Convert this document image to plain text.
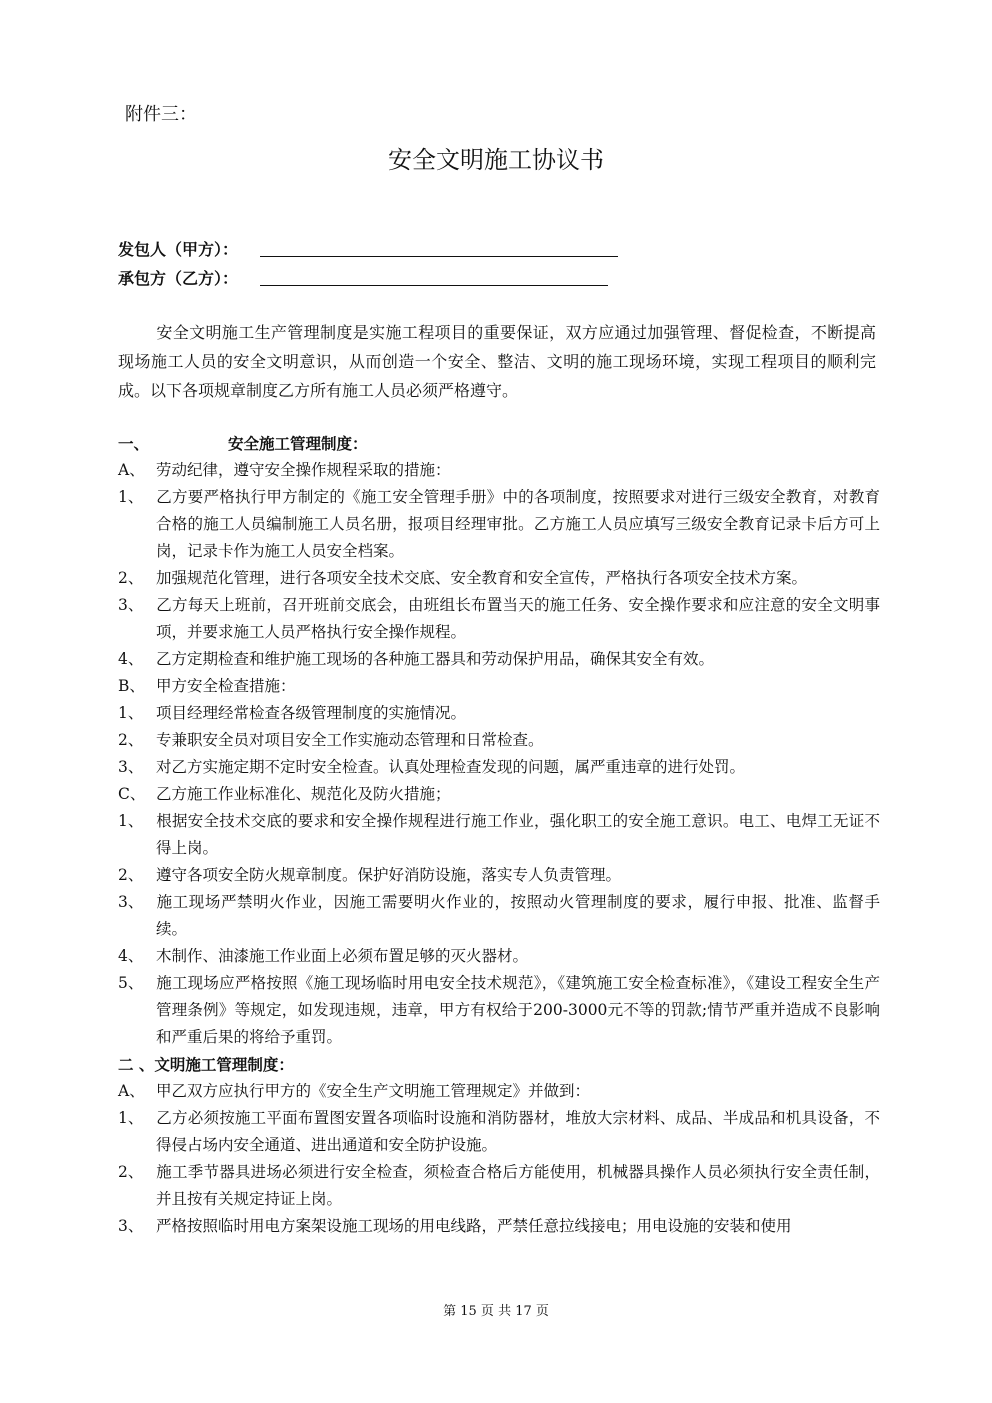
附件三：
安全文明施工协议书
发包人（甲方）：
承包方（乙方）：
安全文明施工生产管理制度是实施工程项目的重要保证，双方应通过加强管理、督促检查，不断提高现场施工人员的安全文明意识，从而创造一个安全、整洁、文明的施工现场环境，实现工程项目的顺利完成。以下各项规章制度乙方所有施工人员必须严格遵守。
一、	安全施工管理制度：
A、 劳动纪律，遵守安全操作规程采取的措施：
1、 乙方要严格执行甲方制定的《施工安全管理手册》中的各项制度，按照要求对进行三级安全教育，对教育合格的施工人员编制施工人员名册，报项目经理审批。乙方施工人员应填写三级安全教育记录卡后方可上岗，记录卡作为施工人员安全档案。
2、 加强规范化管理，进行各项安全技术交底、安全教育和安全宣传，严格执行各项安全技术方案。
3、 乙方每天上班前，召开班前交底会，由班组长布置当天的施工任务、安全操作要求和应注意的安全文明事项，并要求施工人员严格执行安全操作规程。
4、 乙方定期检查和维护施工现场的各种施工器具和劳动保护用品，确保其安全有效。
B、 甲方安全检查措施：
1、 项目经理经常检查各级管理制度的实施情况。
2、 专兼职安全员对项目安全工作实施动态管理和日常检查。
3、 对乙方实施定期不定时安全检查。认真处理检查发现的问题，属严重违章的进行处罚。
C、 乙方施工作业标准化、规范化及防火措施；
1、 根据安全技术交底的要求和安全操作规程进行施工作业，强化职工的安全施工意识。电工、电焊工无证不得上岗。
2、 遵守各项安全防火规章制度。保护好消防设施，落实专人负责管理。
3、 施工现场严禁明火作业，因施工需要明火作业的，按照动火管理制度的要求，履行申报、批准、监督手续。
4、 木制作、油漆施工作业面上必须布置足够的灭火器材。
5、 施工现场应严格按照《施工现场临时用电安全技术规范》，《建筑施工安全检查标准》，《建设工程安全生产管理条例》等规定，如发现违规，违章，甲方有权给于200-3000元不等的罚款;情节严重并造成不良影响和严重后果的将给予重罚。
二 、文明施工管理制度：
A、 甲乙双方应执行甲方的《安全生产文明施工管理规定》并做到：
1、 乙方必须按施工平面布置图安置各项临时设施和消防器材，堆放大宗材料、成品、半成品和机具设备，不得侵占场内安全通道、进出通道和安全防护设施。
2、 施工季节器具进场必须进行安全检查，须检查合格后方能使用，机械器具操作人员必须执行安全责任制，并且按有关规定持证上岗。
3、 严格按照临时用电方案架设施工现场的用电线路，严禁任意拉线接电；用电设施的安装和使用
第 15 页 共 17 页
